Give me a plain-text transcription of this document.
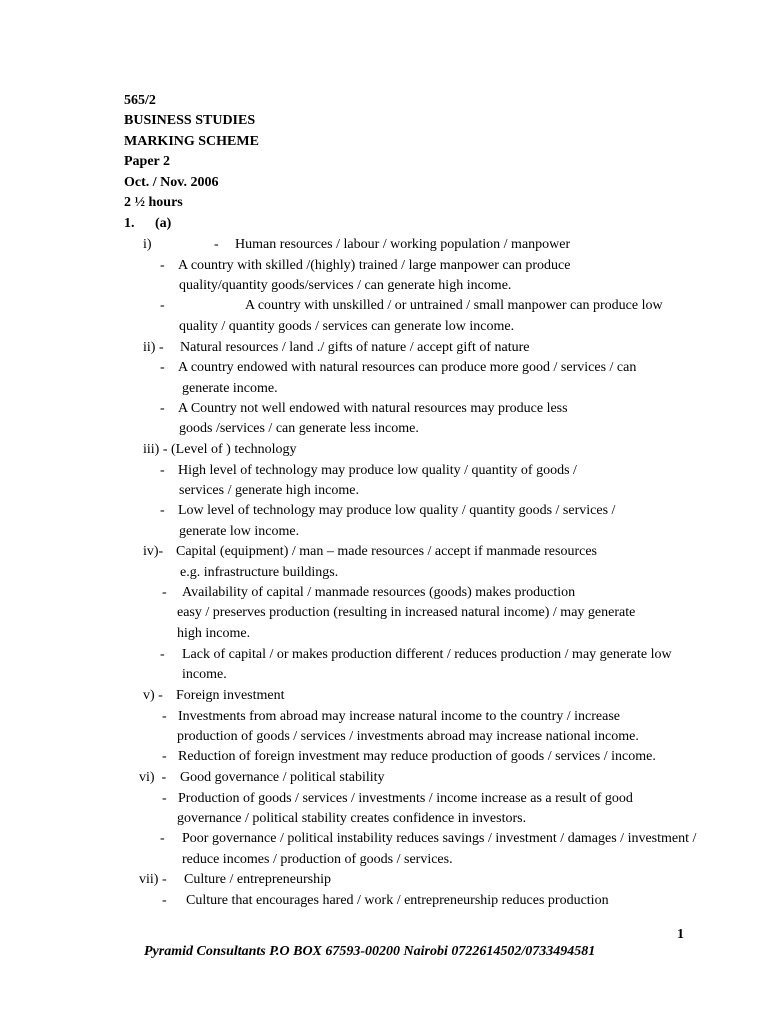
565/2
BUSINESS STUDIES
MARKING SCHEME
Paper 2
Oct. / Nov. 2006
2 ½ hours
1. (a)
i)	- Human resources / labour / working population / manpower
- A country with skilled /(highly) trained / large manpower can produce
quality/quantity goods/services / can generate high income.
-	A country with unskilled / or untrained / small manpower can produce low
quality / quantity goods / services can generate low income.
ii) - Natural resources / land ./ gifts of nature / accept gift of nature
- A country endowed with natural resources can produce more good / services / can
generate income.
- A Country not well endowed with natural resources may produce less
goods /services / can generate less income.
iii) - (Level of ) technology
- High level of technology may produce low quality / quantity of goods /
services / generate high income.
- Low level of technology may produce low quality / quantity goods / services /
generate low income.
iv)- Capital (equipment) / man – made resources / accept if manmade resources
e.g. infrastructure buildings.
- Availability of capital / manmade resources (goods) makes production
easy / preserves production (resulting in increased natural income) / may generate
high income.
- Lack of capital / or makes production different / reduces production / may generate low
income.
v) - Foreign investment
- Investments from abroad may increase natural income to the country / increase
production of goods / services / investments abroad may increase national income.
- Reduction of foreign investment may reduce production of goods / services / income.
vi)  - Good governance / political stability
- Production of goods / services / investments / income increase as a result of good
governance / political stability creates confidence in investors.
- Poor governance / political instability reduces savings / investment / damages / investment /
reduce incomes / production of goods / services.
vii) - Culture / entrepreneurship
- Culture that encourages hared / work / entrepreneurship reduces production
1
Pyramid Consultants P.O BOX 67593-00200 Nairobi 0722614502/0733494581
